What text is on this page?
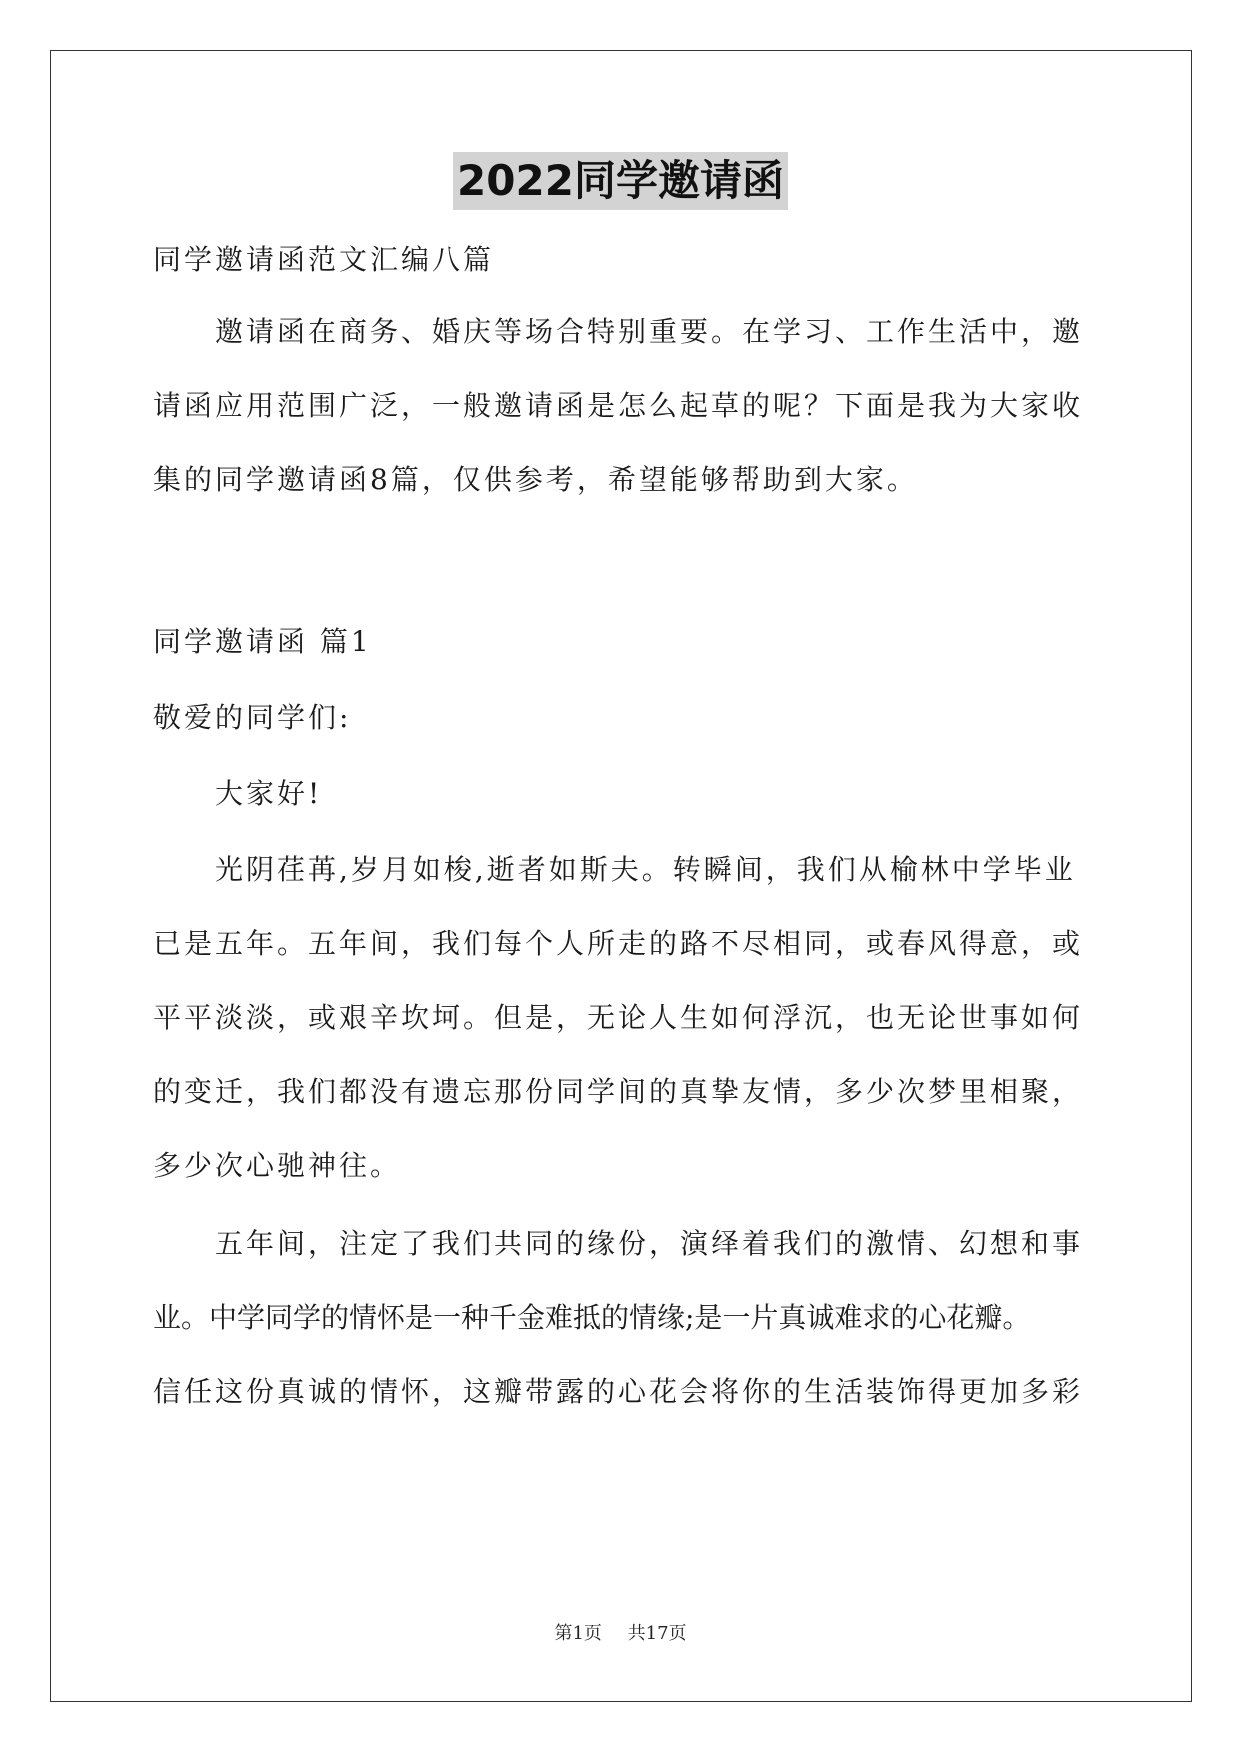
2022同学邀请函
同学邀请函范文汇编八篇
邀请函在商务、婚庆等场合特别重要。在学习、工作生活中，邀
请函应用范围广泛，一般邀请函是怎么起草的呢？下面是我为大家收
集的同学邀请函8篇，仅供参考，希望能够帮助到大家。
同学邀请函 篇1
敬爱的同学们:
大家好!
光阴荏苒,岁月如梭,逝者如斯夫。转瞬间，我们从榆林中学毕业
已是五年。五年间，我们每个人所走的路不尽相同，或春风得意，或
平平淡淡，或艰辛坎坷。但是，无论人生如何浮沉，也无论世事如何
的变迁，我们都没有遗忘那份同学间的真挚友情，多少次梦里相聚，
多少次心驰神往。
五年间，注定了我们共同的缘份，演绎着我们的激情、幻想和事
业。中学同学的情怀是一种千金难抵的情缘;是一片真诚难求的心花瓣。
信任这份真诚的情怀，这瓣带露的心花会将你的生活装饰得更加多彩
第1页 共17页
